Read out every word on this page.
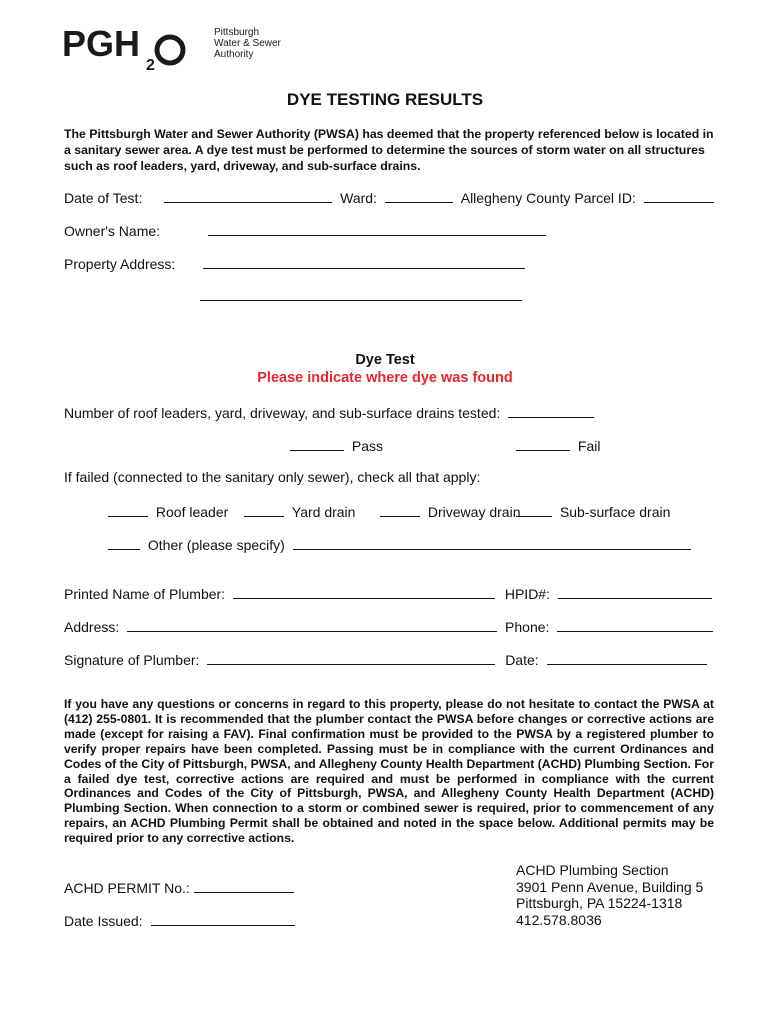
PGH
2
Pittsburgh
Water & Sewer
Authority
DYE TESTING RESULTS
The Pittsburgh Water and Sewer Authority (PWSA) has deemed that the property referenced below is located in a sanitary sewer area. A dye test must be performed to determine the sources of storm water on all structures such as roof leaders, yard, driveway, and sub-surface drains.
Date of Test:	Ward:	Allegheny County Parcel ID:
Owner's Name:
Property Address:
Dye Test
Please indicate where dye was found
Number of roof leaders, yard, driveway, and sub-surface drains tested:
Pass	Fail
If failed (connected to the sanitary only sewer), check all that apply:
Roof leader	Yard drain	Driveway drain	Sub-surface drain
Other (please specify)
Printed Name of Plumber:	HPID#:
Address:	Phone:
Signature of Plumber:	Date:
If you have any questions or concerns in regard to this property, please do not hesitate to contact the PWSA at (412) 255-0801. It is recommended that the plumber contact the PWSA before changes or corrective actions are made (except for raising a FAV). Final confirmation must be provided to the PWSA by a registered plumber to verify proper repairs have been completed. Passing must be in compliance with the current Ordinances and Codes of the City of Pittsburgh, PWSA, and Allegheny County Health Department (ACHD) Plumbing Section. For a failed dye test, corrective actions are required and must be performed in compliance with the current Ordinances and Codes of the City of Pittsburgh, PWSA, and Allegheny County Health Department (ACHD) Plumbing Section. When connection to a storm or combined sewer is required, prior to commencement of any repairs, an ACHD Plumbing Permit shall be obtained and noted in the space below. Additional permits may be required prior to any corrective actions.
ACHD PERMIT No.:
Date Issued:
ACHD Plumbing Section
3901 Penn Avenue, Building 5
Pittsburgh, PA 15224-1318
412.578.8036
